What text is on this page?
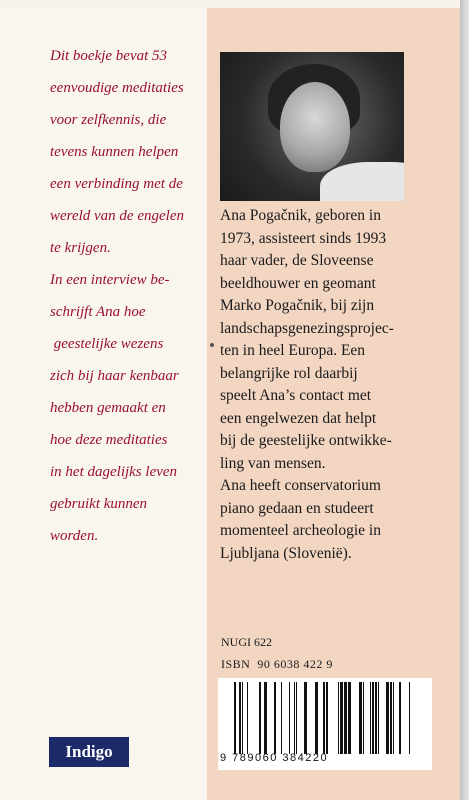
Dit boekje bevat 53
eenvoudige meditaties
voor zelfkennis, die
tevens kunnen helpen
een verbinding met de
wereld van de engelen
te krijgen.
In een interview be-
schrijft Ana hoe
geestelijke wezens
zich bij haar kenbaar
hebben gemaakt en
hoe deze meditaties
in het dagelijks leven
gebruikt kunnen
worden.
Ana Pogačnik, geboren in
1973, assisteert sinds 1993
haar vader, de Sloveense
beeldhouwer en geomant
Marko Pogačnik, bij zijn
landschapsgenezingsprojec-
ten in heel Europa. Een
belangrijke rol daarbij
speelt Ana’s contact met
een engelwezen dat helpt
bij de geestelijke ontwikke-
ling van mensen.
Ana heeft conservatorium
piano gedaan en studeert
momenteel archeologie in
Ljubljana (Slovenië).
NUGI 622
ISBN  90 6038 422 9
9 789060 384220
Indigo
